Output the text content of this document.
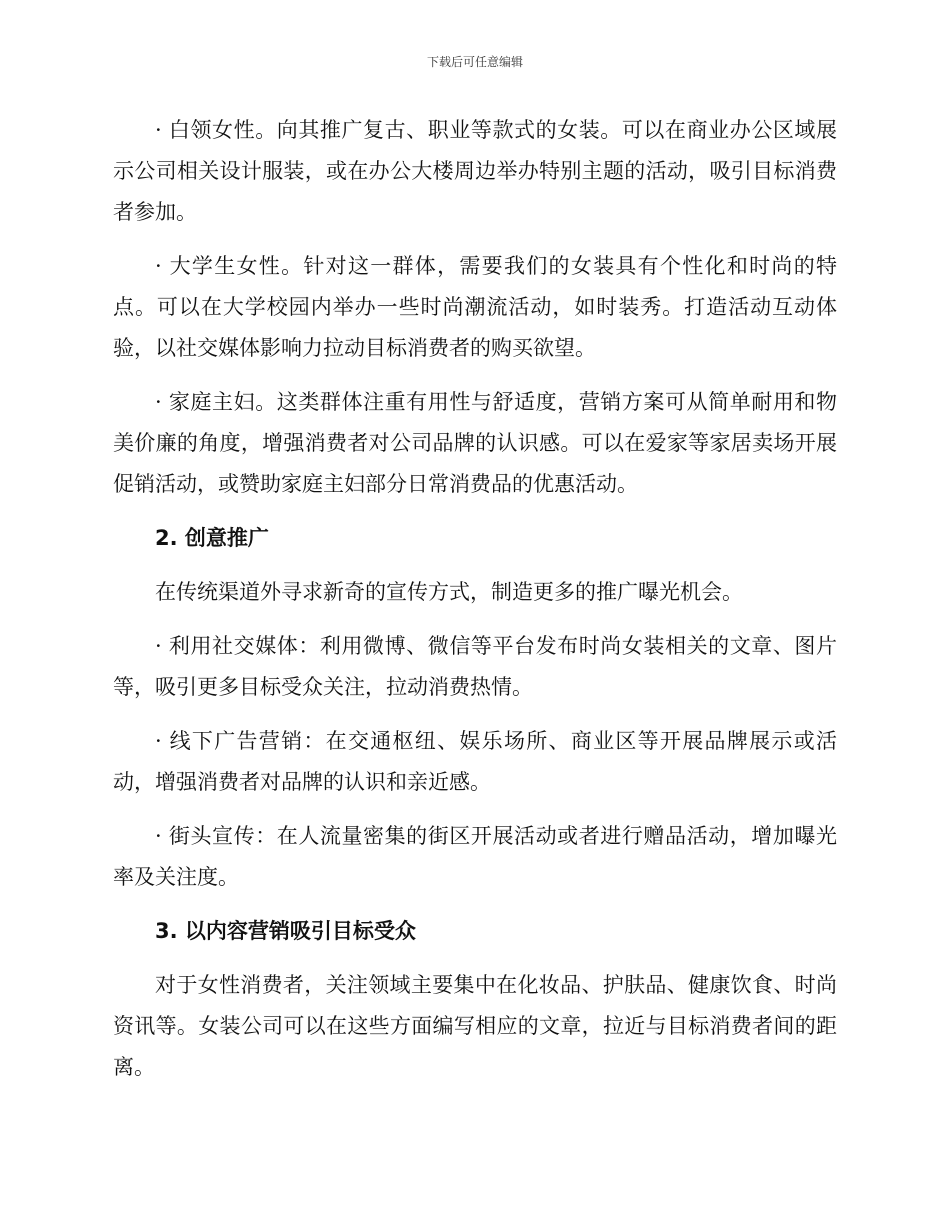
下载后可任意编辑

· 白领女性。向其推广复古、职业等款式的女装。可以在商业办公区域展示公司相关设计服装，或在办公大楼周边举办特别主题的活动，吸引目标消费者参加。

· 大学生女性。针对这一群体，需要我们的女装具有个性化和时尚的特点。可以在大学校园内举办一些时尚潮流活动，如时装秀。打造活动互动体验，以社交媒体影响力拉动目标消费者的购买欲望。

· 家庭主妇。这类群体注重有用性与舒适度，营销方案可从简单耐用和物美价廉的角度，增强消费者对公司品牌的认识感。可以在爱家等家居卖场开展促销活动，或赞助家庭主妇部分日常消费品的优惠活动。

2. 创意推广

在传统渠道外寻求新奇的宣传方式，制造更多的推广曝光机会。

· 利用社交媒体：利用微博、微信等平台发布时尚女装相关的文章、图片等，吸引更多目标受众关注，拉动消费热情。

· 线下广告营销：在交通枢纽、娱乐场所、商业区等开展品牌展示或活动，增强消费者对品牌的认识和亲近感。

· 街头宣传：在人流量密集的街区开展活动或者进行赠品活动，增加曝光率及关注度。

3. 以内容营销吸引目标受众

对于女性消费者，关注领域主要集中在化妆品、护肤品、健康饮食、时尚资讯等。女装公司可以在这些方面编写相应的文章，拉近与目标消费者间的距离。
